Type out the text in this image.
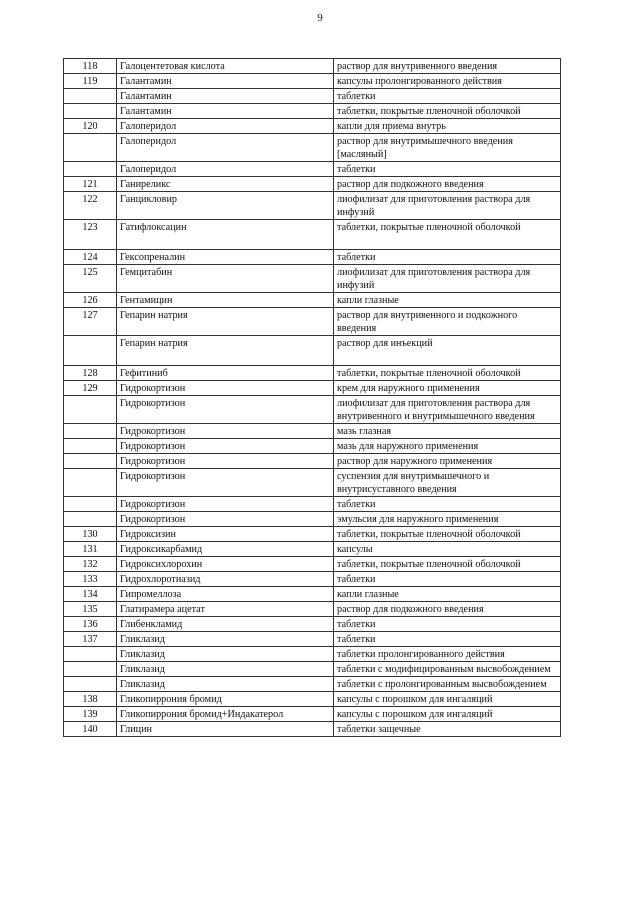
9
118	Галоцентетовая кислота	раствор для внутривенного введения
119	Галантамин	капсулы пролонгированного действия
	Галантамин	таблетки
	Галантамин	таблетки, покрытые пленочной оболочкой
120	Галоперидол	капли для приема внутрь
	Галоперидол	раствор для внутримышечного введения [масляный]
	Галоперидол	таблетки
121	Ганиреликс	раствор для подкожного введения
122	Ганцикловир	лиофилизат для приготовления раствора для инфузий
123	Гатифлоксацин	таблетки, покрытые пленочной оболочкой
124	Гексопреналин	таблетки
125	Гемцитабин	лиофилизат для приготовления раствора для инфузий
126	Гентамицин	капли глазные
127	Гепарин натрия	раствор для внутривенного и подкожного введения
	Гепарин натрия	раствор для инъекций
128	Гефитиниб	таблетки, покрытые пленочной оболочкой
129	Гидрокортизон	крем для наружного применения
	Гидрокортизон	лиофилизат для приготовления раствора для внутривенного и внутримышечного введения
	Гидрокортизон	мазь глазная
	Гидрокортизон	мазь для наружного применения
	Гидрокортизон	раствор для наружного применения
	Гидрокортизон	суспензия для внутримышечного и внутрисуставного введения
	Гидрокортизон	таблетки
	Гидрокортизон	эмульсия для наружного применения
130	Гидроксизин	таблетки, покрытые пленочной оболочкой
131	Гидроксикарбамид	капсулы
132	Гидроксихлорохин	таблетки, покрытые пленочной оболочкой
133	Гидрохлоротиазид	таблетки
134	Гипромеллоза	капли глазные
135	Глатирамера ацетат	раствор для подкожного введения
136	Глибенкламид	таблетки
137	Гликлазид	таблетки
	Гликлазид	таблетки пролонгированного действия
	Гликлазид	таблетки с модифицированным высвобождением
	Гликлазид	таблетки с пролонгированным высвобождением
138	Гликопиррония бромид	капсулы с порошком для ингаляций
139	Гликопиррония бромид+Индакатерол	капсулы с порошком для ингаляций
140	Глицин	таблетки защечные
